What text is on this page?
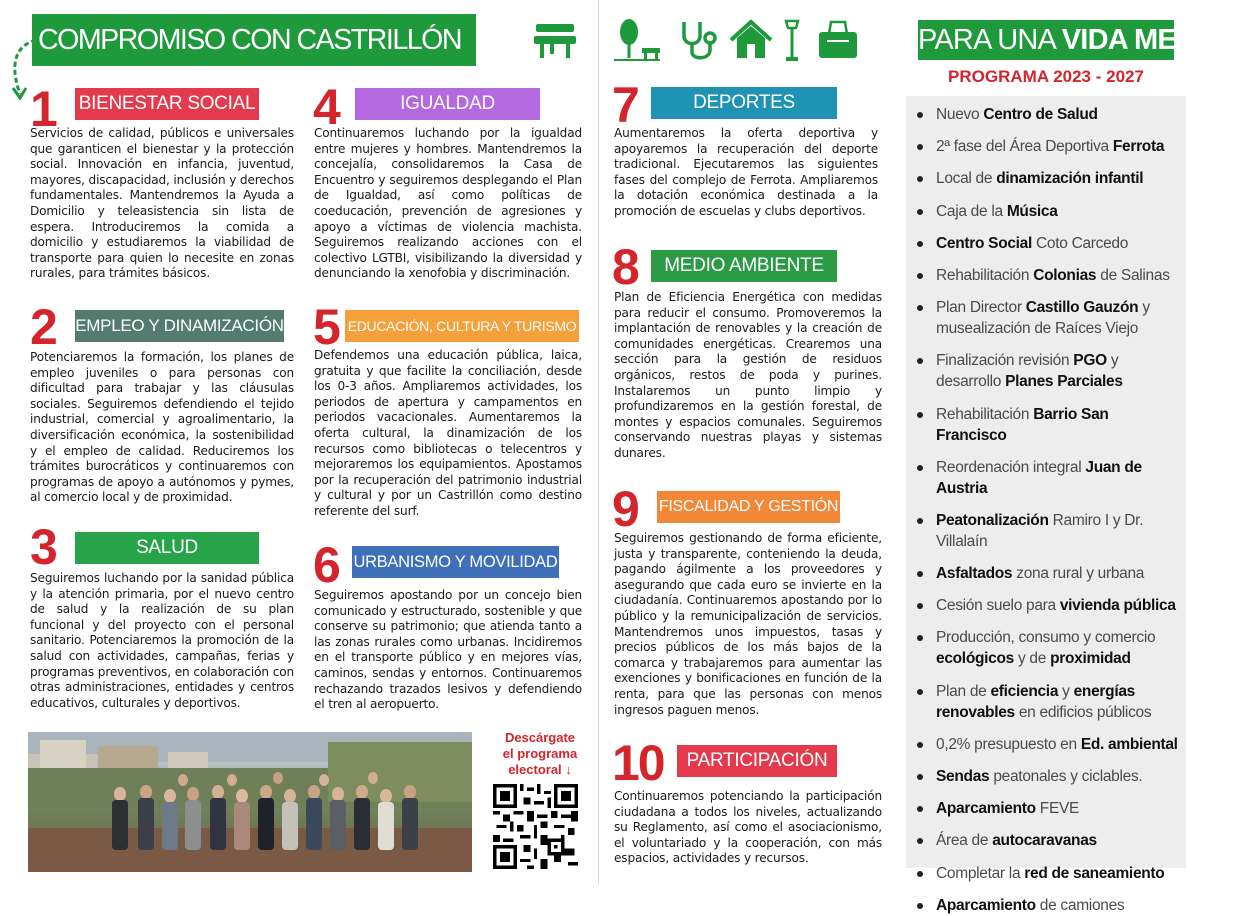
COMPROMISO CON CASTRILLÓN
1 BIENESTAR SOCIAL
Servicios de calidad, públicos e universales que garanticen el bienestar y la protección social. Innovación en infancia, juventud, mayores, discapacidad, inclusión y derechos fundamentales. Mantendremos la Ayuda a Domicilio y teleasistencia sin lista de espera. Introduciremos la comida a domicilio y estudiaremos la viabilidad de transporte para quien lo necesite en zonas rurales, para trámites básicos.
2 EMPLEO Y DINAMIZACIÓN
Potenciaremos la formación, los planes de empleo juveniles o para personas con dificultad para trabajar y las cláusulas sociales. Seguiremos defendiendo el tejido industrial, comercial y agroalimentario, la diversificación económica, la sostenibilidad y el empleo de calidad. Reduciremos los trámites burocráticos y continuaremos con programas de apoyo a autónomos y pymes, al comercio local y de proximidad.
3	SALUD
Seguiremos luchando por la sanidad pública y la atención primaria, por el nuevo centro de salud y la realización de su plan funcional y del proyecto con el personal sanitario. Potenciaremos la promoción de la salud con actividades, campañas, ferias y programas preventivos, en colaboración con otras administraciones, entidades y centros educativos, culturales y deportivos.
4	IGUALDAD
Continuaremos luchando por la igualdad entre mujeres y hombres. Mantendremos la concejalía, consolidaremos la Casa de Encuentro y seguiremos desplegando el Plan de Igualdad, así como políticas de coeducación, prevención de agresiones y apoyo a víctimas de violencia machista. Seguiremos realizando acciones con el colectivo LGTBI, visibilizando la diversidad y denunciando la xenofobia y discriminación.
5 EDUCACIÓN, CULTURA Y TURISMO
Defendemos una educación pública, laica, gratuita y que facilite la conciliación, desde los 0-3 años. Ampliaremos actividades, los periodos de apertura y campamentos en periodos vacacionales. Aumentaremos la oferta cultural, la dinamización de los recursos como bibliotecas o telecentros y mejoraremos los equipamientos. Apostamos por la recuperación del patrimonio industrial y cultural y por un Castrillón como destino referente del surf.
6 URBANISMO Y MOVILIDAD
Seguiremos apostando por un concejo bien comunicado y estructurado, sostenible y que conserve su patrimonio; que atienda tanto a las zonas rurales como urbanas. Incidiremos en el transporte público y en mejores vías, caminos, sendas y entornos. Continuaremos rechazando trazados lesivos y defendiendo el tren al aeropuerto.
7	DEPORTES
Aumentaremos la oferta deportiva y apoyaremos la recuperación del deporte tradicional. Ejecutaremos las siguientes fases del complejo de Ferrota. Ampliaremos la dotación económica destinada a la promoción de escuelas y clubs deportivos.
8	MEDIO AMBIENTE
Plan de Eficiencia Energética con medidas para reducir el consumo. Promoveremos la implantación de renovables y la creación de comunidades energéticas. Crearemos una sección para la gestión de residuos orgánicos, restos de poda y purines. Instalaremos un punto limpio y profundizaremos en la gestión forestal, de montes y espacios comunales. Seguiremos conservando nuestras playas y sistemas dunares.
9 FISCALIDAD Y GESTIÓN
Seguiremos gestionando de forma eficiente, justa y transparente, conteniendo la deuda, pagando ágilmente a los proveedores y asegurando que cada euro se invierte en la ciudadanía. Continuaremos apostando por lo público y la remunicipalización de servicios. Mantendremos unos impuestos, tasas y precios públicos de los más bajos de la comarca y trabajaremos para aumentar las exenciones y bonificaciones en función de la renta, para que las personas con menos ingresos paguen menos.
10	PARTICIPACIÓN
Continuaremos potenciando la participación ciudadana a todos los niveles, actualizando su Reglamento, así como el asociacionismo, el voluntariado y la cooperación, con más espacios, actividades y recursos.
Descárgate
el programa
electoral ↓
PARA UNA VIDA MEJOR
PROGRAMA 2023 - 2027
Nuevo Centro de Salud
2ª fase del Área Deportiva Ferrota
Local de dinamización infantil
Caja de la Música
Centro Social Coto Carcedo
Rehabilitación Colonias de Salinas
Plan Director Castillo Gauzón y musealización de Raíces Viejo
Finalización revisión PGO y desarrollo Planes Parciales
Rehabilitación Barrio San Francisco
Reordenación integral Juan de Austria
Peatonalización Ramiro I y Dr. Villalaín
Asfaltados zona rural y urbana
Cesión suelo para vivienda pública
Producción, consumo y comercio ecológicos y de proximidad
Plan de eficiencia y energías renovables en edificios públicos
0,2% presupuesto en Ed. ambiental
Sendas peatonales y ciclables.
Aparcamiento FEVE
Área de autocaravanas
Completar la red de saneamiento
Aparcamiento de camiones
